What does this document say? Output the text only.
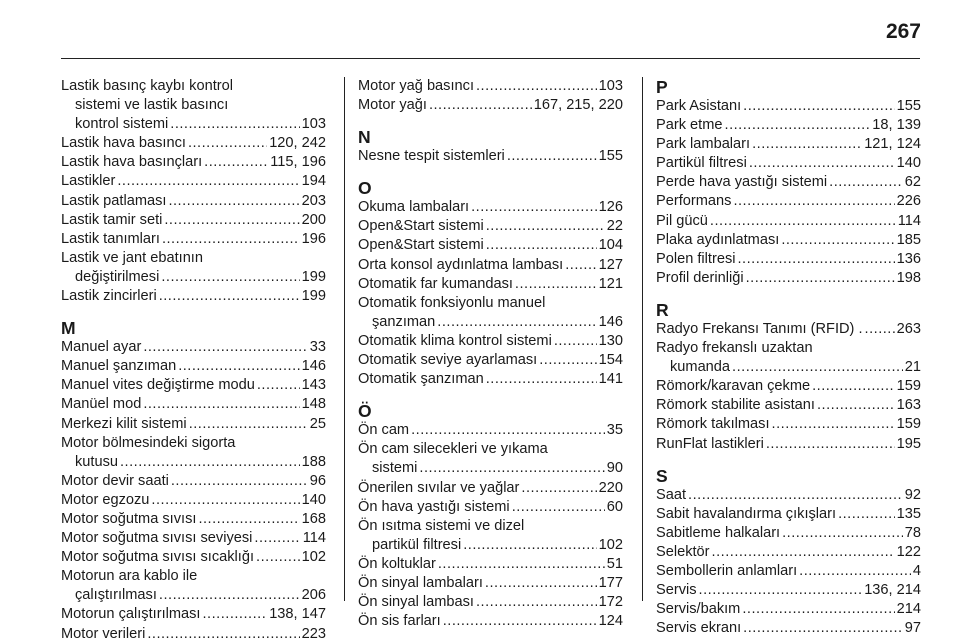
267
Lastik basınç kaybı kontrol
sistemi ve lastik basıncı
kontrol sistemi .....	103
Lastik hava basıncı .....	120, 242
Lastik hava basınçları .....	115, 196
Lastikler .....	194
Lastik patlaması .....	203
Lastik tamir seti .....	200
Lastik tanımları .....	196
Lastik ve jant ebatının
değiştirilmesi .....	199
Lastik zincirleri .....	199
M
Manuel ayar .....	33
Manuel şanzıman .....	146
Manuel vites değiştirme modu .....	143
Manüel mod .....	148
Merkezi kilit sistemi .....	25
Motor bölmesindeki sigorta
kutusu .....	188
Motor devir saati .....	96
Motor egzozu .....	140
Motor soğutma sıvısı .....	168
Motor soğutma sıvısı seviyesi .....	114
Motor soğutma sıvısı sıcaklığı .....	102
Motorun ara kablo ile
çalıştırılması .....	206
Motorun çalıştırılması .....	138, 147
Motor verileri .....	223
Motor yağ basıncı .....	103
Motor yağı .....	167, 215, 220
N
Nesne tespit sistemleri .....	155
O
Okuma lambaları .....	126
Open&Start sistemi .....	22
Open&Start sistemi .....	104
Orta konsol aydınlatma lambası ..... 127
Otomatik far kumandası .....	121
Otomatik fonksiyonlu manuel
şanzıman .....	146
Otomatik klima kontrol sistemi .....	130
Otomatik seviye ayarlaması .....	154
Otomatik şanzıman .....	141
Ö
Ön cam .....	35
Ön cam silecekleri ve yıkama
sistemi .....	90
Önerilen sıvılar ve yağlar .....	220
Ön hava yastığı sistemi .....	60
Ön ısıtma sistemi ve dizel
partikül filtresi .....	102
Ön koltuklar .....	51
Ön sinyal lambaları .....	177
Ön sinyal lambası .....	172
Ön sis farları .....	124
P
Park Asistanı .....	155
Park etme .....	18, 139
Park lambaları .....	121, 124
Partikül filtresi .....	140
Perde hava yastığı sistemi .....	62
Performans .....	226
Pil gücü .....	114
Plaka aydınlatması .....	185
Polen filtresi .....	136
Profil derinliği .....	198
R
Radyo Frekansı Tanımı (RFID) . ..... 263
Radyo frekanslı uzaktan
kumanda .....	21
Römork/karavan çekme .....	159
Römork stabilite asistanı .....	163
Römork takılması .....	159
RunFlat lastikleri .....	195
S
Saat .....	92
Sabit havalandırma çıkışları .....	135
Sabitleme halkaları .....	78
Selektör .....	122
Sembollerin anlamları .....	4
Servis .....	136, 214
Servis/bakım .....	214
Servis ekranı .....	97
